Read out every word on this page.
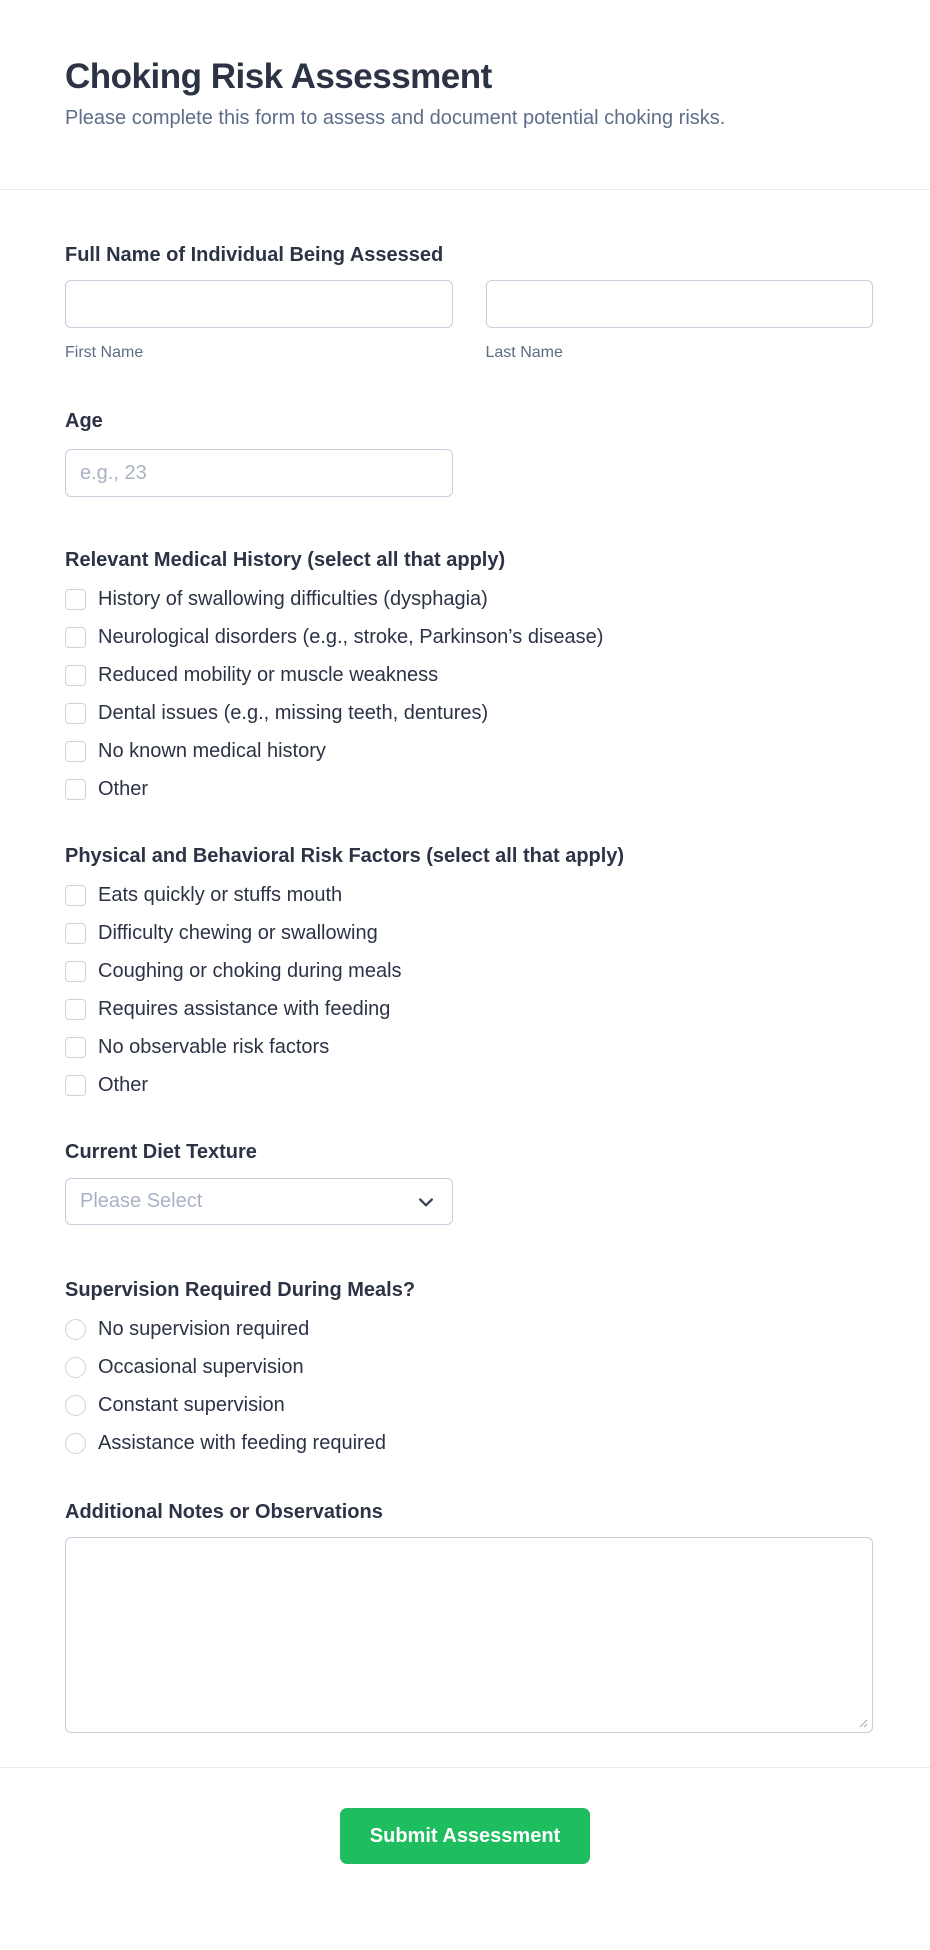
Choking Risk Assessment

Please complete this form to assess and document potential choking risks.

Full Name of Individual Being Assessed
First Name	Last Name
Age
e.g., 23
Relevant Medical History (select all that apply)
History of swallowing difficulties (dysphagia)
Neurological disorders (e.g., stroke, Parkinson’s disease)
Reduced mobility or muscle weakness
Dental issues (e.g., missing teeth, dentures)
No known medical history
Other
Physical and Behavioral Risk Factors (select all that apply)
Eats quickly or stuffs mouth
Difficulty chewing or swallowing
Coughing or choking during meals
Requires assistance with feeding
No observable risk factors
Other
Current Diet Texture
Please Select
Supervision Required During Meals?
No supervision required
Occasional supervision
Constant supervision
Assistance with feeding required
Additional Notes or Observations
Submit Assessment
